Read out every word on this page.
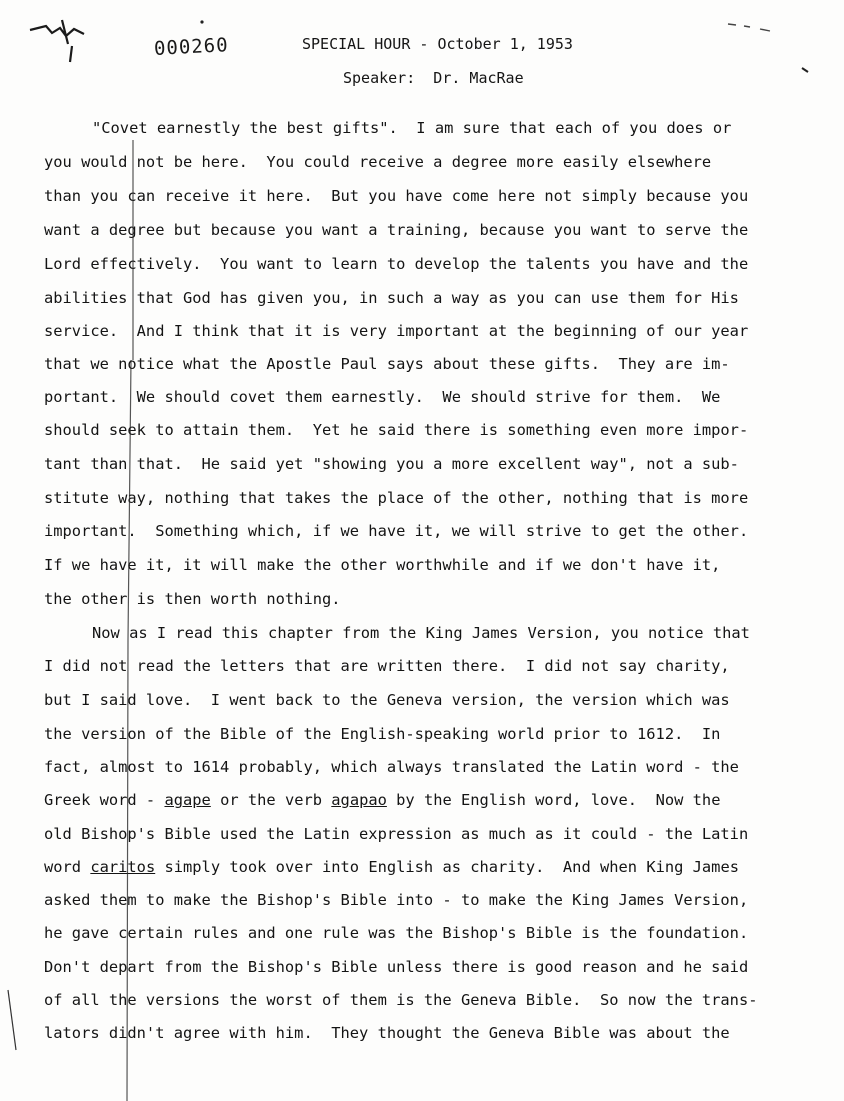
000260	SPECIAL HOUR - October 1, 1953
Speaker:  Dr. MacRae
"Covet earnestly the best gifts".  I am sure that each of you does or
you would not be here.  You could receive a degree more easily elsewhere
than you can receive it here.  But you have come here not simply because you
want a degree but because you want a training, because you want to serve the
Lord effectively.  You want to learn to develop the talents you have and the
abilities that God has given you, in such a way as you can use them for His
service.  And I think that it is very important at the beginning of our year
that we notice what the Apostle Paul says about these gifts.  They are im-
portant.  We should covet them earnestly.  We should strive for them.  We
should seek to attain them.  Yet he said there is something even more impor-
tant than that.  He said yet "showing you a more excellent way", not a sub-
stitute way, nothing that takes the place of the other, nothing that is more
important.  Something which, if we have it, we will strive to get the other.
If we have it, it will make the other worthwhile and if we don't have it,
the other is then worth nothing.
Now as I read this chapter from the King James Version, you notice that
I did not read the letters that are written there.  I did not say charity,
but I said love.  I went back to the Geneva version, the version which was
the version of the Bible of the English-speaking world prior to 1612.  In
fact, almost to 1614 probably, which always translated the Latin word - the
Greek word - agape or the verb agapao by the English word, love.  Now the
old Bishop's Bible used the Latin expression as much as it could - the Latin
word caritos simply took over into English as charity.  And when King James
asked them to make the Bishop's Bible into - to make the King James Version,
he gave certain rules and one rule was the Bishop's Bible is the foundation.
Don't depart from the Bishop's Bible unless there is good reason and he said
of all the versions the worst of them is the Geneva Bible.  So now the trans-
lators didn't agree with him.  They thought the Geneva Bible was about the
